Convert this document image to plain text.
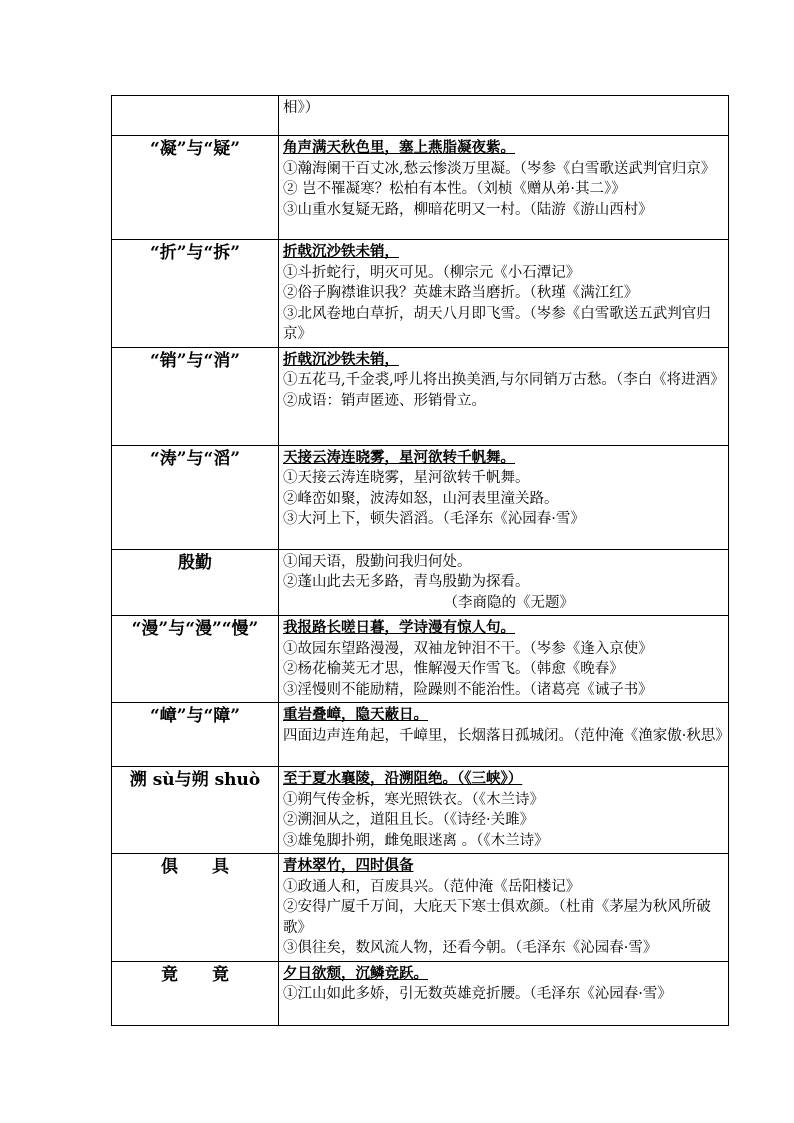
	相》）

“凝”与“疑”	角声满天秋色里，塞上燕脂凝夜紫。

①瀚海阑干百丈冰,愁云惨淡万里凝。（岑参《白雪歌送武判官归京》

② 岂不罹凝寒？松柏有本性。（刘桢《赠从弟·其二》》

③山重水复疑无路，柳暗花明又一村。（陆游《游山西村》

“折”与“拆”	折戟沉沙铁未销，

①斗折蛇行，明灭可见。（柳宗元《小石潭记》

②俗子胸襟谁识我？英雄末路当磨折。（秋瑾《满江红》

③北风卷地白草折，胡天八月即飞雪。（岑参《白雪歌送五武判官归京》

“销”与“消”	折戟沉沙铁未销，

①五花马,千金裘,呼儿将出换美酒,与尔同销万古愁。（李白《将进酒》

②成语：销声匿迹、形销骨立。

“涛”与“滔”	天接云涛连晓雾，星河欲转千帆舞。

①天接云涛连晓雾，星河欲转千帆舞。

②峰峦如聚，波涛如怒，山河表里潼关路。

③大河上下，顿失滔滔。（毛泽东《沁园春·雪》

殷勤	①闻天语，殷勤问我归何处。

②蓬山此去无多路，青鸟殷勤为探看。

（李商隐的《无题》

“漫”与“漫”“慢”	我报路长嗟日暮，学诗漫有惊人句。

①故园东望路漫漫，双袖龙钟泪不干。（岑参《逢入京使》

②杨花榆荚无才思，惟解漫天作雪飞。（韩愈《晚春》

③淫慢则不能励精，险躁则不能治性。（诸葛亮《诫子书》

“嶂”与“障”	重岩叠嶂，隐天蔽日。

四面边声连角起，千嶂里，长烟落日孤城闭。（范仲淹《渔家傲·秋思》

溯 sù与朔 shuò	至于夏水襄陵，沿溯阻绝。（《三峡》）

①朔气传金柝，寒光照铁衣。（《木兰诗》

②溯洄从之，道阻且长。（《诗经·关雎》

③雄兔脚扑朔，雌兔眼迷离 。（《木兰诗》

俱　　具	青林翠竹，四时俱备

①政通人和，百废具兴。（范仲淹《岳阳楼记》

②安得广厦千万间，大庇天下寒士俱欢颜。（杜甫《茅屋为秋风所破歌》

③俱往矣，数风流人物，还看今朝。（毛泽东《沁园春·雪》

竟　　竟	夕日欲颓，沉鳞竞跃。

①江山如此多娇，引无数英雄竞折腰。（毛泽东《沁园春·雪》
